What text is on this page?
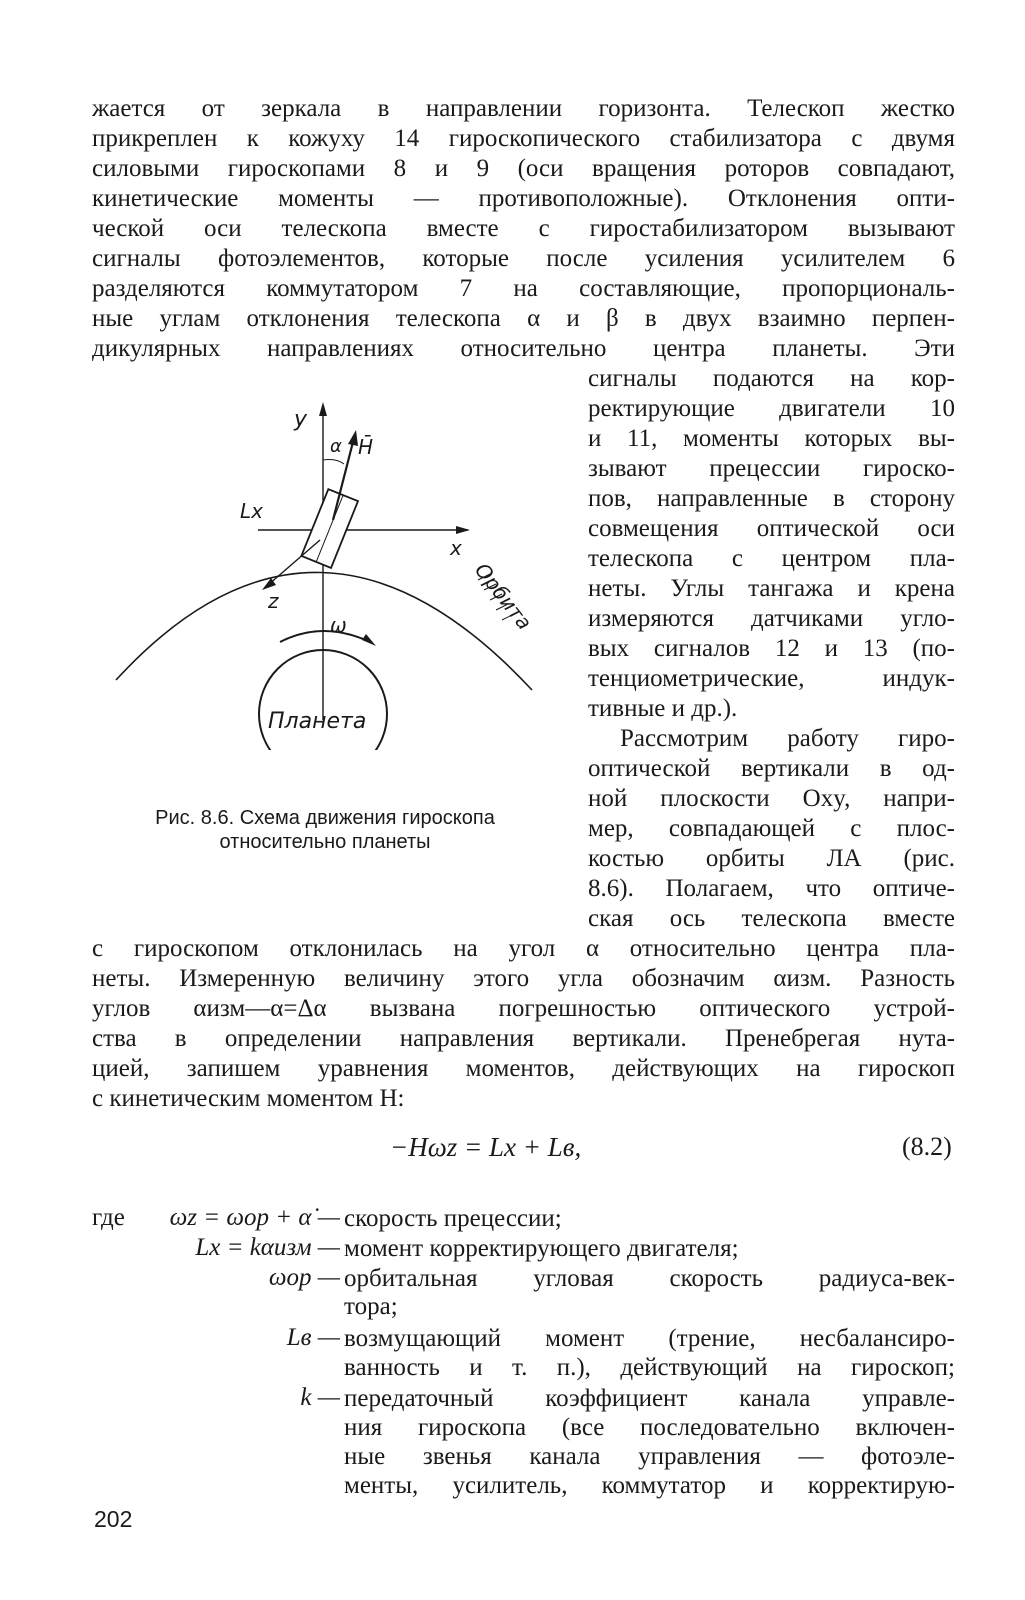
жается от зеркала в направлении горизонта. Телескоп жестко
прикреплен к кожуху 14 гироскопического стабилизатора с двумя
силовыми гироскопами 8 и 9 (оси вращения роторов совпадают,
кинетические моменты — противоположные). Отклонения опти-
ческой оси телескопа вместе с гиростабилизатором вызывают
сигналы фотоэлементов, которые после усиления усилителем 6
разделяются коммутатором 7 на составляющие, пропорциональ-
ные углам отклонения телескопа α и β в двух взаимно перпен-
дикулярных направлениях относительно центра планеты. Эти
сигналы подаются на кор-
ректирующие двигатели 10
и 11, моменты которых вы-
зывают прецессии гироско-
пов, направленные в сторону
совмещения оптической оси
телескопа с центром пла-
неты. Углы тангажа и крена
измеряются датчиками угло-
вых сигналов 12 и 13 (по-
тенциометрические, индук-
тивные и др.).
Рассмотрим работу гиро-
оптической вертикали в од-
ной плоскости Oxy, напри-
мер, совпадающей с плос-
костью орбиты ЛА (рис.
8.6). Полагаем, что оптиче-
ская ось телескопа вместе
y
α H̄
Lx
x
z
ω	Орбита
Планета
Рис. 8.6. Схема движения гироскопа
относительно планеты
с гироскопом отклонилась на угол α относительно центра пла-
неты. Измеренную величину этого угла обозначим αизм. Разность
углов αизм—α=Δα вызвана погрешностью оптического устрой-
ства в определении направления вертикали. Пренебрегая нута-
цией, запишем уравнения моментов, действующих на гироскоп
с кинетическим моментом H:
−Hωz = Lx + Lв,	(8.2)
где	ωz = ωор + α̇ — скорость прецессии;
Lx = kαизм — момент корректирующего двигателя;
ωор — орбитальная угловая скорость радиуса-век-
тора;
Lв — возмущающий момент (трение, несбалансиро-
ванность и т. п.), действующий на гироскоп;
k — передаточный коэффициент канала управле-
ния гироскопа (все последовательно включен-
ные звенья канала управления — фотоэле-
менты, усилитель, коммутатор и корректирую-
202
